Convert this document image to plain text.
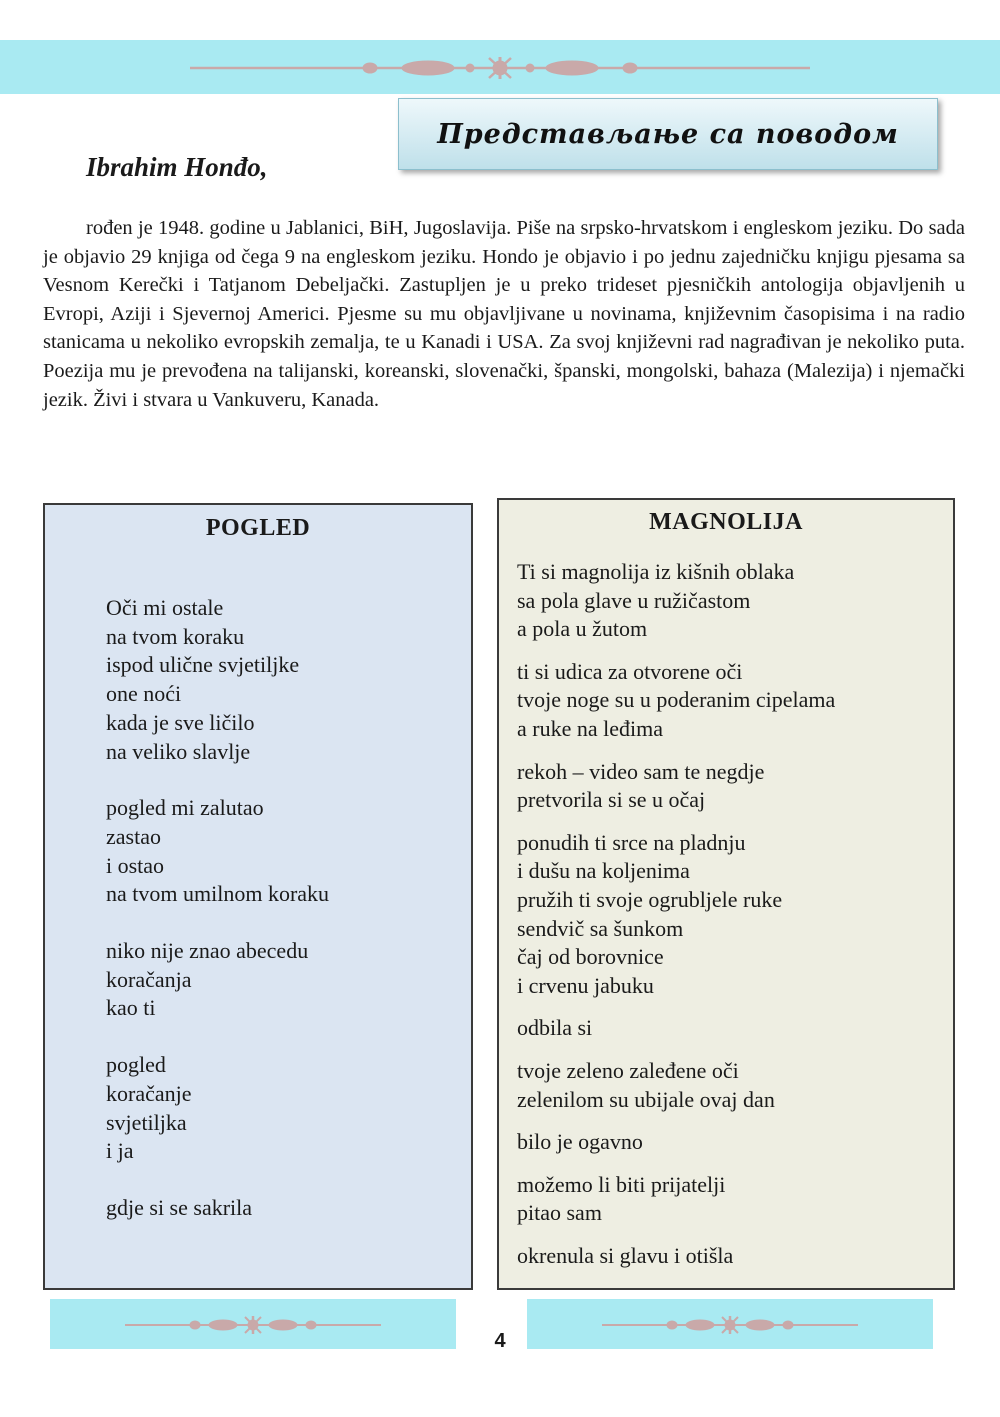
Представљање са поводом
Ibrahim Honđo,

rođen je 1948. godine u Jablanici, BiH, Jugoslavija. Piše na srpsko-hrvatskom i engleskom jeziku. Do sada je objavio 29 knjiga od čega 9 na engleskom jeziku. Hondo je objavio i po jednu zajedničku knjigu pjesama sa Vesnom Kerečki i Tatjanom Debeljački. Zastupljen je u preko trideset pjesničkih antologija objavljenih u Evropi, Aziji i Sjevernoj Americi. Pjesme su mu objavljivane u novinama, književnim časopisima i na radio stanicama u nekoliko evropskih zemalja, te u Kanadi i USA. Za svoj književni rad nagrađivan je nekoliko puta. Poezija mu je prevođena na talijanski, koreanski, slovenački, španski, mongolski, bahaza (Malezija) i njemački jezik. Živi i stvara u Vankuveru, Kanada.

POGLED
Oči mi ostale
na tvom koraku
ispod ulične svjetiljke
one noći
kada je sve ličilo
na veliko slavlje
pogled mi zalutao
zastao
i ostao
na tvom umilnom koraku
niko nije znao abecedu
koračanja
kao ti
pogled
koračanje
svjetiljka
i ja
gdje si se sakrila
MAGNOLIJA
Ti si magnolija iz kišnih oblaka
sa pola glave u ružičastom
a pola u žutom
ti si udica za otvorene oči
tvoje noge su u poderanim cipelama
a ruke na leđima
rekoh – video sam te negdje
pretvorila si se u očaj
ponudih ti srce na pladnju
i dušu na koljenima
pružih ti svoje ogrubljele ruke
sendvič sa šunkom
čaj od borovnice
i crvenu jabuku
odbila si
tvoje zeleno zaleđene oči
zelenilom su ubijale ovaj dan
bilo je ogavno
možemo li biti prijatelji
pitao sam
okrenula si glavu i otišla
4
